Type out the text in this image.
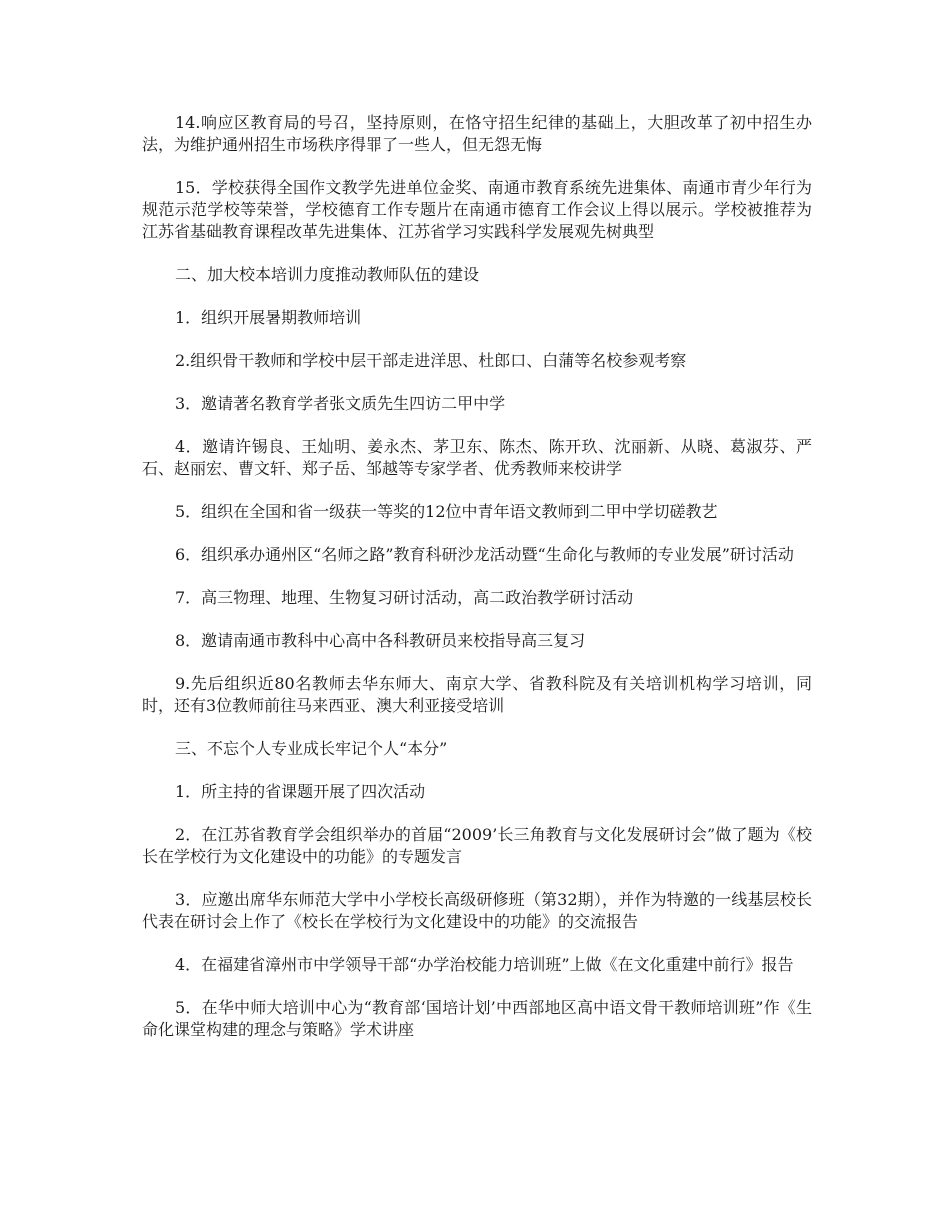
14.响应区教育局的号召，坚持原则，在恪守招生纪律的基础上，大胆改革了初中招生办法，为维护通州招生市场秩序得罪了一些人，但无怨无悔

15．学校获得全国作文教学先进单位金奖、南通市教育系统先进集体、南通市青少年行为规范示范学校等荣誉，学校德育工作专题片在南通市德育工作会议上得以展示。学校被推荐为江苏省基础教育课程改革先进集体、江苏省学习实践科学发展观先树典型

二、加大校本培训力度推动教师队伍的建设

1．组织开展暑期教师培训

2.组织骨干教师和学校中层干部走进洋思、杜郎口、白蒲等名校参观考察

3．邀请著名教育学者张文质先生四访二甲中学

4．邀请许锡良、王灿明、姜永杰、茅卫东、陈杰、陈开玖、沈丽新、从晓、葛淑芬、严石、赵丽宏、曹文轩、郑子岳、邹越等专家学者、优秀教师来校讲学

5．组织在全国和省一级获一等奖的12位中青年语文教师到二甲中学切磋教艺

6．组织承办通州区“名师之路”教育科研沙龙活动暨“生命化与教师的专业发展”研讨活动

7．高三物理、地理、生物复习研讨活动，高二政治教学研讨活动

8．邀请南通市教科中心高中各科教研员来校指导高三复习

9.先后组织近80名教师去华东师大、南京大学、省教科院及有关培训机构学习培训，同时，还有3位教师前往马来西亚、澳大利亚接受培训

三、不忘个人专业成长牢记个人“本分”

1．所主持的省课题开展了四次活动

2．在江苏省教育学会组织举办的首届“2009’长三角教育与文化发展研讨会”做了题为《校长在学校行为文化建设中的功能》的专题发言

3．应邀出席华东师范大学中小学校长高级研修班（第32期），并作为特邀的一线基层校长代表在研讨会上作了《校长在学校行为文化建设中的功能》的交流报告

4．在福建省漳州市中学领导干部“办学治校能力培训班”上做《在文化重建中前行》报告

5．在华中师大培训中心为“教育部‘国培计划’中西部地区高中语文骨干教师培训班”作《生命化课堂构建的理念与策略》学术讲座
